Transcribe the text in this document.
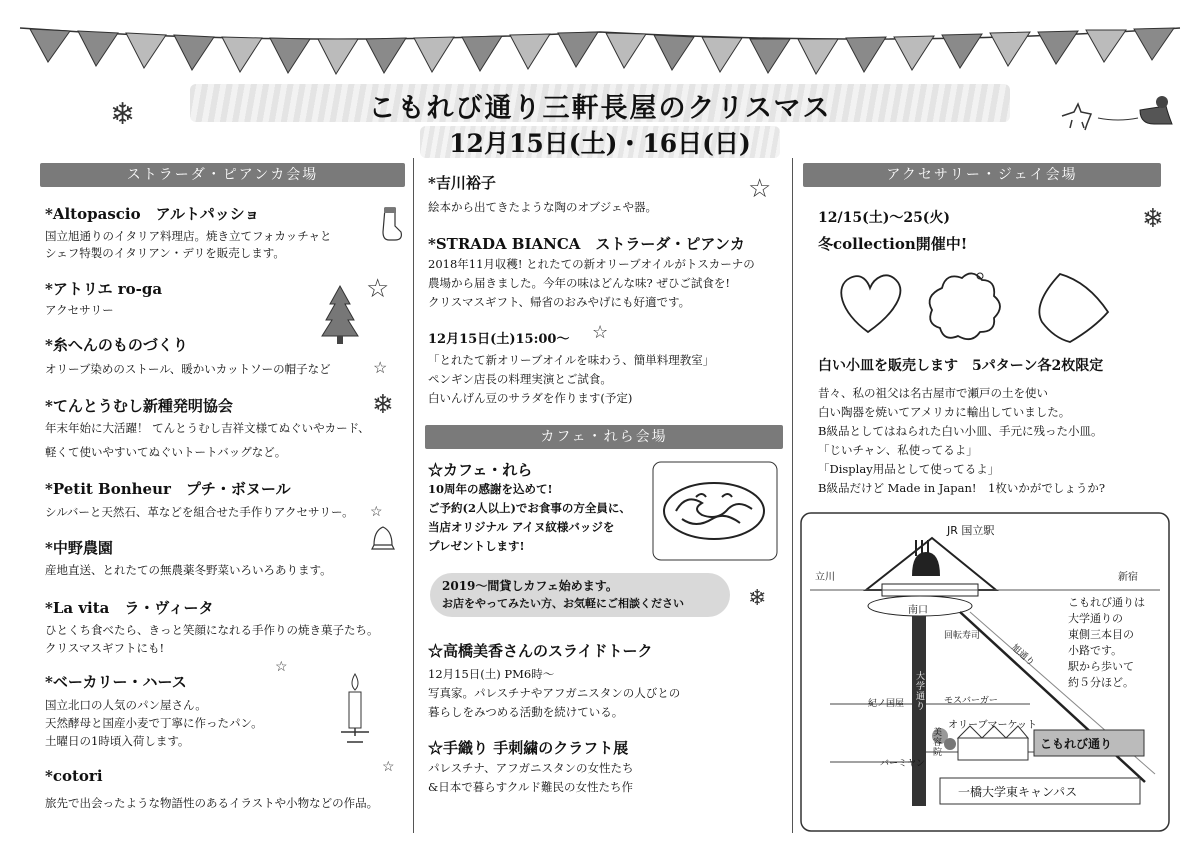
こもれび通り三軒長屋のクリスマス
12月15日(土)・16日(日)
❄
ストラーダ・ピアンカ会場
*Altopascio　アルトパッショ
国立旭通りのイタリア料理店。焼き立てフォカッチャと
シェフ特製のイタリアン・デリを販売します。
*アトリエ ro-ga
アクセサリー
*糸へんのものづくり
オリーブ染めのストール、暖かいカットソーの帽子など
*てんとうむし新種発明協会
年末年始に大活躍！ てんとうむし吉祥文様てぬぐいやカード、
軽くて使いやすいてぬぐいトートバッグなど。
*Petit Bonheur　プチ・ボヌール
シルバーと天然石、革などを組合せた手作りアクセサリー。
*中野農園
産地直送、とれたての無農薬冬野菜いろいろあります。
*La vita　ラ・ヴィータ
ひとくち食べたら、きっと笑顔になれる手作りの焼き菓子たち。
クリスマスギフトにも!
*ベーカリー・ハース
国立北口の人気のパン屋さん。
天然酵母と国産小麦で丁寧に作ったパン。
土曜日の1時頃入荷します。
*cotori
旅先で出会ったような物語性のあるイラストや小物などの作品。
☆
☆
❄
☆
☆
☆
*吉川裕子
絵本から出てきたような陶のオブジェや器。
☆
*STRADA BIANCA　ストラーダ・ピアンカ
2018年11月収穫! とれたての新オリーブオイルがトスカーナの
農場から届きました。今年の味はどんな味? ぜひご試食を!
クリスマスギフト、帰省のおみやげにも好適です。
12月15日(土)15:00〜 ☆
「とれたて新オリーブオイルを味わう、簡単料理教室」
ペンギン店長の料理実演とご試食。
白いんげん豆のサラダを作ります(予定)
カフェ・れら会場
☆カフェ・れら
10周年の感謝を込めて!
ご予約(2人以上)でお食事の方全員に、
当店オリジナル アイヌ紋様バッジを
プレゼントします!
2019〜間貸しカフェ始めます。
お店をやってみたい方、お気軽にご相談ください	❄
☆高橋美香さんのスライドトーク
12月15日(土) PM6時〜
写真家。パレスチナやアフガニスタンの人びとの
暮らしをみつめる活動を続けている。
☆手織り 手刺繍のクラフト展
パレスチナ、アフガニスタンの女性たち
&日本で暮らすクルド難民の女性たち作
アクセサリー・ジェイ会場
12/15(土)〜25(火)
冬collection開催中!
❄
白い小皿を販売します　5パターン各2枚限定
昔々、私の祖父は名古屋市で瀬戸の土を使い
白い陶器を焼いてアメリカに輸出していました。
B級品としてはねられた白い小皿、手元に残った小皿。
「じいチャン、私使ってるよ」
「Display用品として使ってるよ」
B級品だけど Made in Japan!　1枚いかがでしょうか?
JR 国立駅
立川	新宿
南口
回転寿司
旭通り
モスバーガー
紀ノ国屋
オリーブマーケット
大学通り
美容院
バーミヤン
こもれび通り
一橋大学東キャンパス
こもれび通りは
大学通りの
東側三本目の
小路です。
駅から歩いて
約５分ほど。
